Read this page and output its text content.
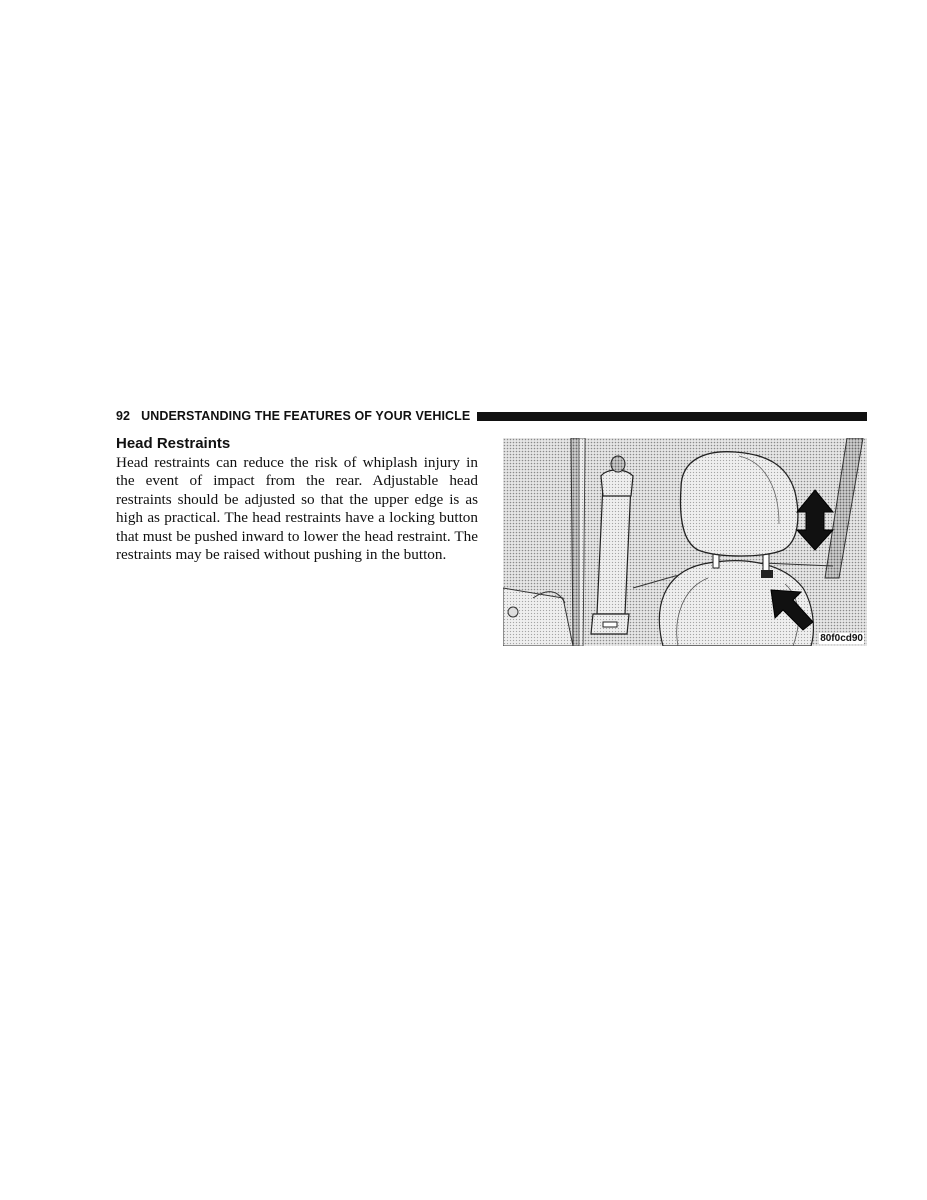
92 UNDERSTANDING THE FEATURES OF YOUR VEHICLE
Head Restraints

Head restraints can reduce the risk of whiplash injury in the event of impact from the rear. Adjustable head restraints should be adjusted so that the upper edge is as high as practical. The head restraints have a locking button that must be pushed inward to lower the head restraint. The restraints may be raised without pushing in the button.

80f0cd90
